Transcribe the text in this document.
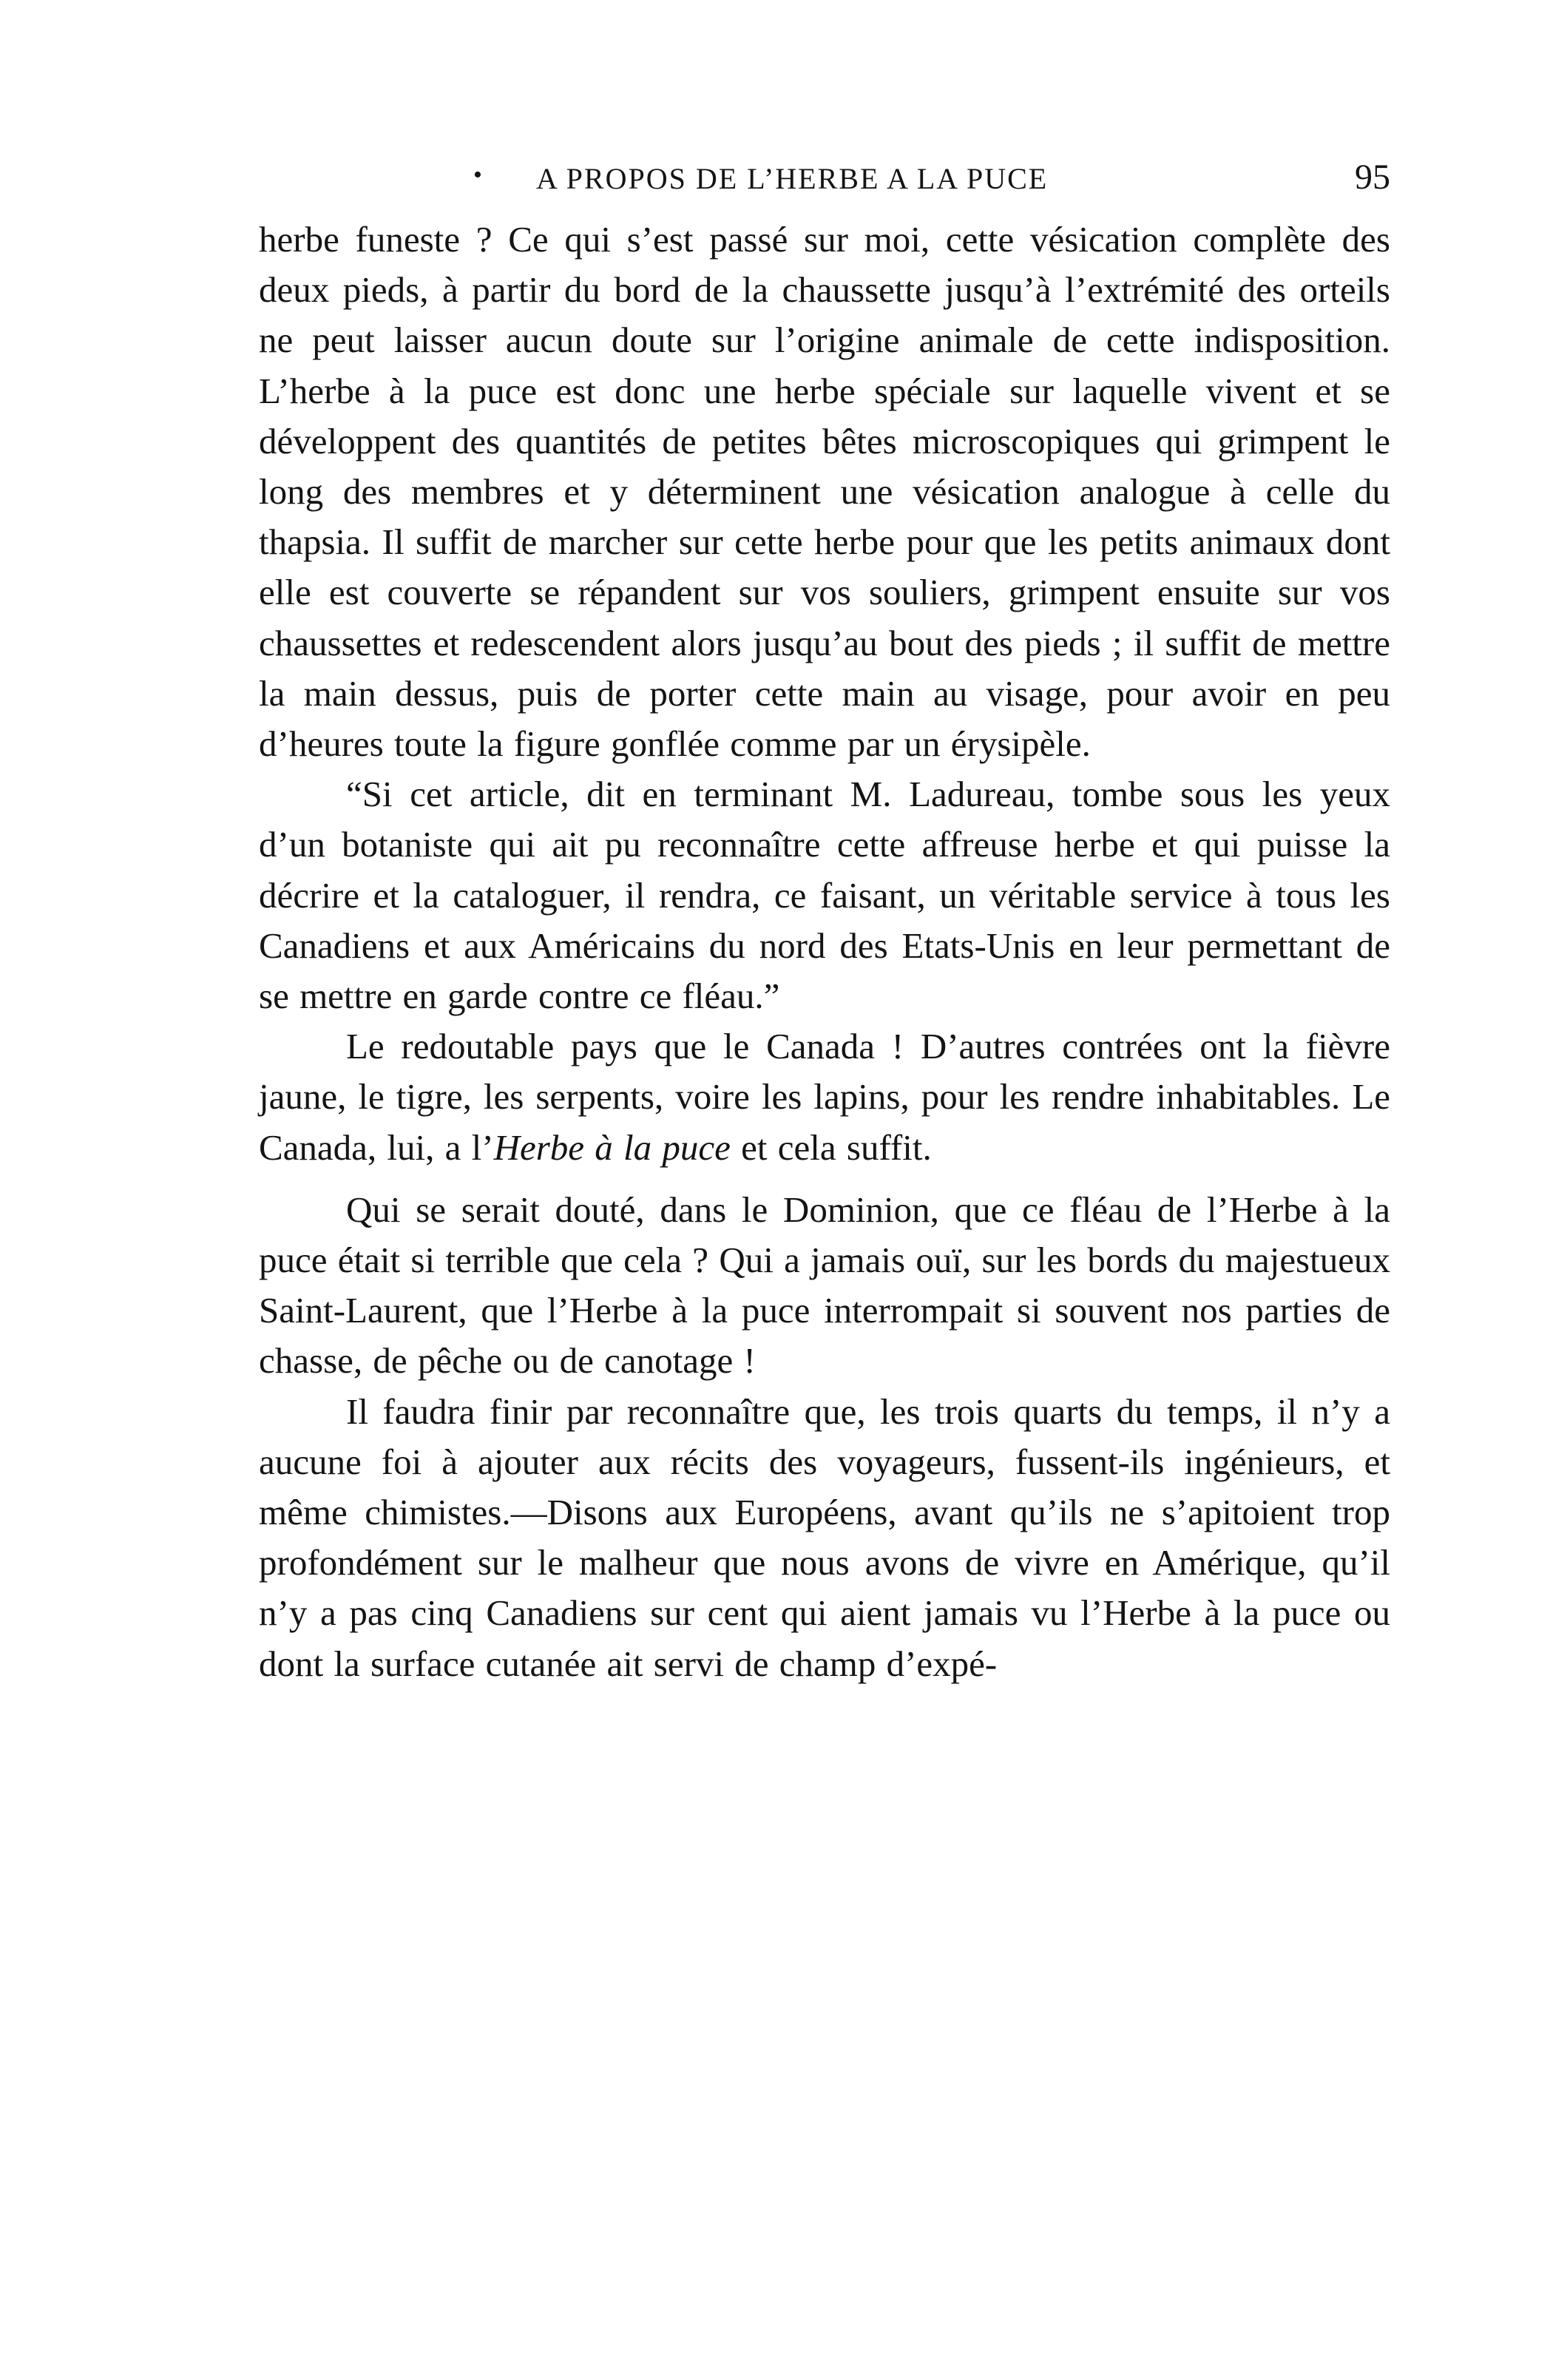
• A PROPOS DE L’HERBE A LA PUCE	95

herbe funeste ? Ce qui s’est passé sur moi, cette vésication complète des deux pieds, à partir du bord de la chaussette jusqu’à l’extrémité des orteils ne peut laisser aucun doute sur l’origine animale de cette indisposition. L’herbe à la puce est donc une herbe spéciale sur laquelle vivent et se développent des quantités de petites bêtes microscopiques qui grimpent le long des membres et y déterminent une vésication analogue à celle du thapsia. Il suffit de marcher sur cette herbe pour que les petits animaux dont elle est couverte se répandent sur vos souliers, grimpent ensuite sur vos chaussettes et redescendent alors jusqu’au bout des pieds ; il suffit de mettre la main dessus, puis de porter cette main au visage, pour avoir en peu d’heures toute la figure gonflée comme par un érysipèle.

“Si cet article, dit en terminant M. Ladureau, tombe sous les yeux d’un botaniste qui ait pu reconnaître cette affreuse herbe et qui puisse la décrire et la cataloguer, il rendra, ce faisant, un véritable service à tous les Canadiens et aux Américains du nord des Etats-Unis en leur permettant de se mettre en garde contre ce fléau.”

Le redoutable pays que le Canada ! D’autres contrées ont la fièvre jaune, le tigre, les serpents, voire les lapins, pour les rendre inhabitables. Le Canada, lui, a l’Herbe à la puce et cela suffit.

Qui se serait douté, dans le Dominion, que ce fléau de l’Herbe à la puce était si terrible que cela ? Qui a jamais ouï, sur les bords du majestueux Saint-Laurent, que l’Herbe à la puce interrompait si souvent nos parties de chasse, de pêche ou de canotage !

Il faudra finir par reconnaître que, les trois quarts du temps, il n’y a aucune foi à ajouter aux récits des voyageurs, fussent-ils ingénieurs, et même chimistes.—Disons aux Européens, avant qu’ils ne s’apitoient trop profondément sur le malheur que nous avons de vivre en Amérique, qu’il n’y a pas cinq Canadiens sur cent qui aient jamais vu l’Herbe à la puce ou dont la surface cutanée ait servi de champ d’expé-
